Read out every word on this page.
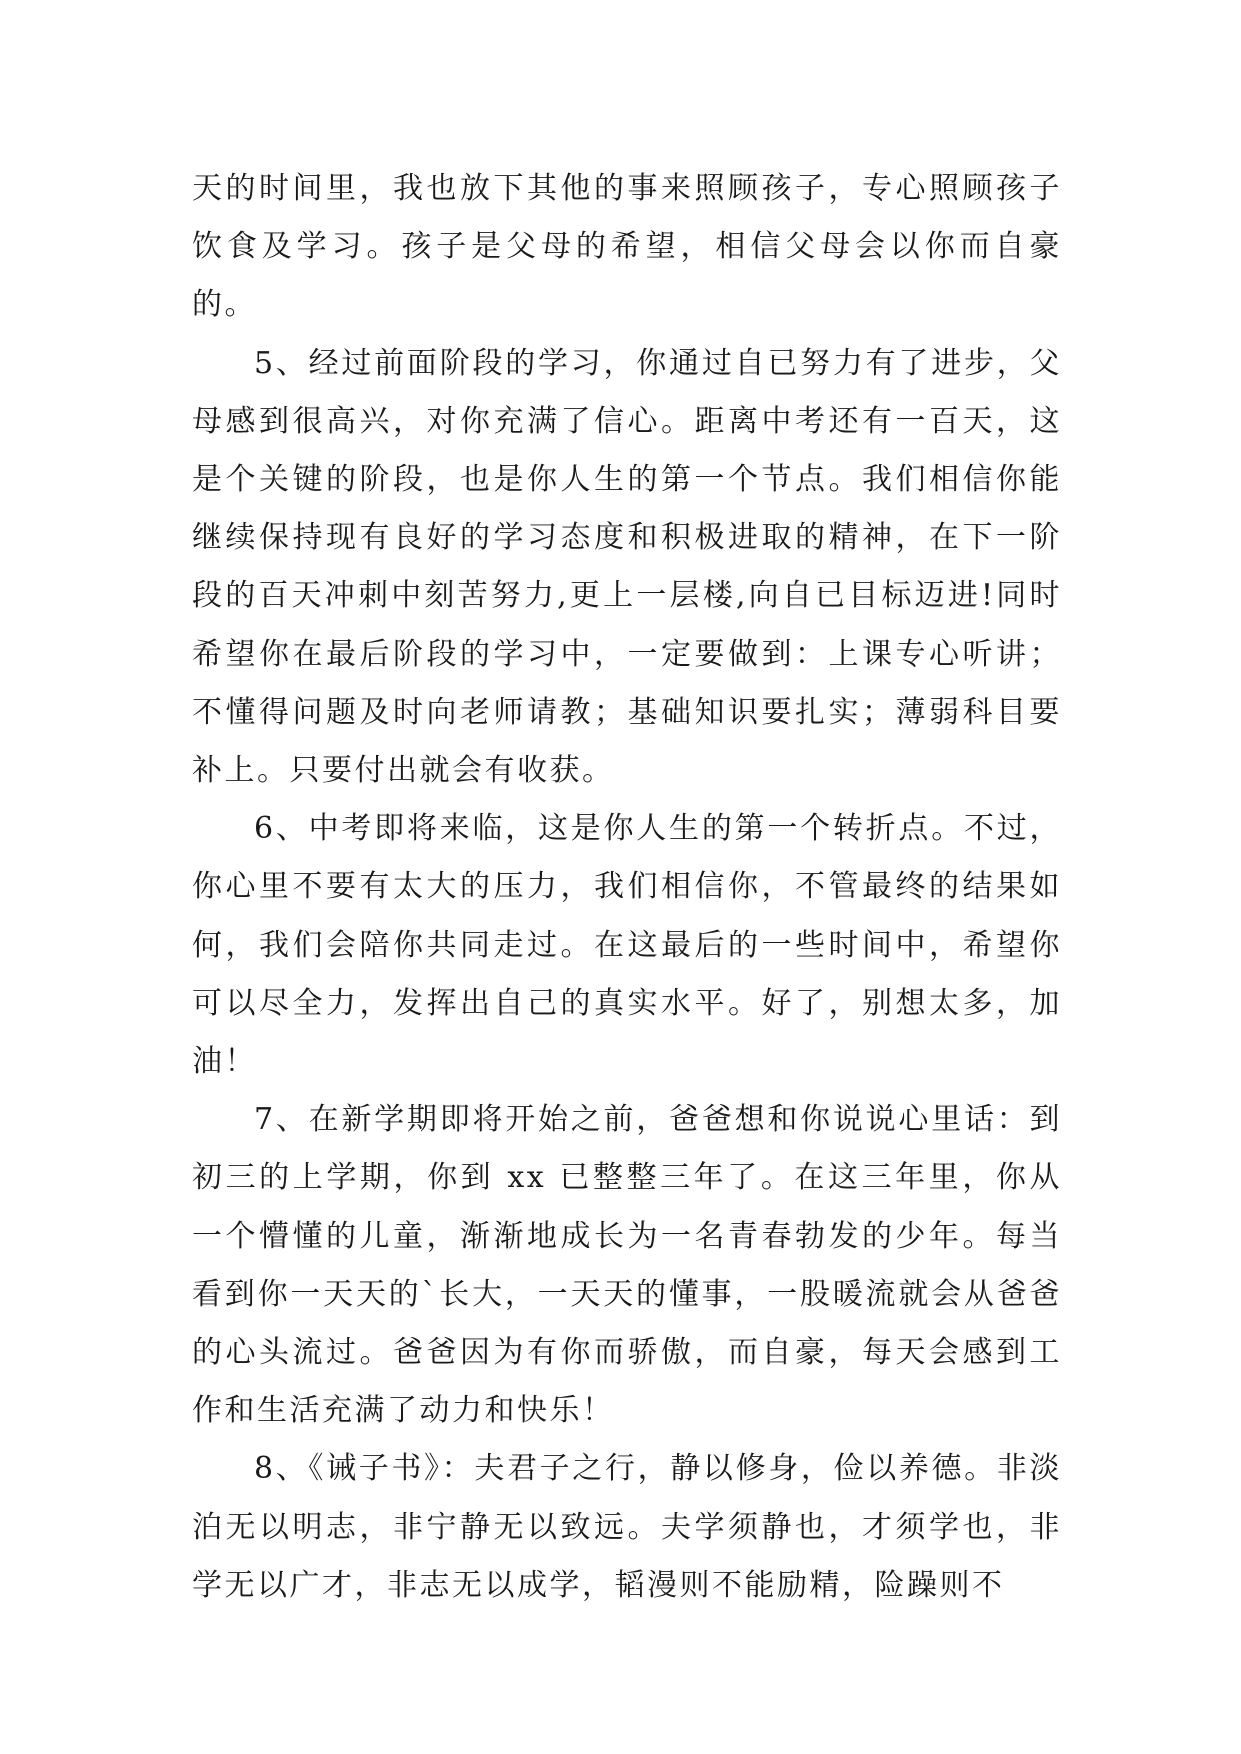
天的时间里，我也放下其他的事来照顾孩子，专心照顾孩子饮食及学习。孩子是父母的希望，相信父母会以你而自豪的。

5、经过前面阶段的学习，你通过自已努力有了进步，父母感到很高兴，对你充满了信心。距离中考还有一百天，这是个关键的阶段，也是你人生的第一个节点。我们相信你能继续保持现有良好的学习态度和积极进取的精神，在下一阶段的百天冲刺中刻苦努力,更上一层楼,向自已目标迈进!同时希望你在最后阶段的学习中，一定要做到：上课专心听讲；不懂得问题及时向老师请教；基础知识要扎实；薄弱科目要补上。只要付出就会有收获。

6、中考即将来临，这是你人生的第一个转折点。不过，你心里不要有太大的压力，我们相信你，不管最终的结果如何，我们会陪你共同走过。在这最后的一些时间中，希望你可以尽全力，发挥出自己的真实水平。好了，别想太多，加油！

7、在新学期即将开始之前，爸爸想和你说说心里话：到初三的上学期，你到 xx 已整整三年了。在这三年里，你从一个懵懂的儿童，渐渐地成长为一名青春勃发的少年。每当看到你一天天的`长大，一天天的懂事，一股暖流就会从爸爸的心头流过。爸爸因为有你而骄傲，而自豪，每天会感到工作和生活充满了动力和快乐！

8、《诫子书》：夫君子之行，静以修身，俭以养德。非淡泊无以明志，非宁静无以致远。夫学须静也，才须学也，非学无以广才，非志无以成学，韬漫则不能励精，险躁则不
